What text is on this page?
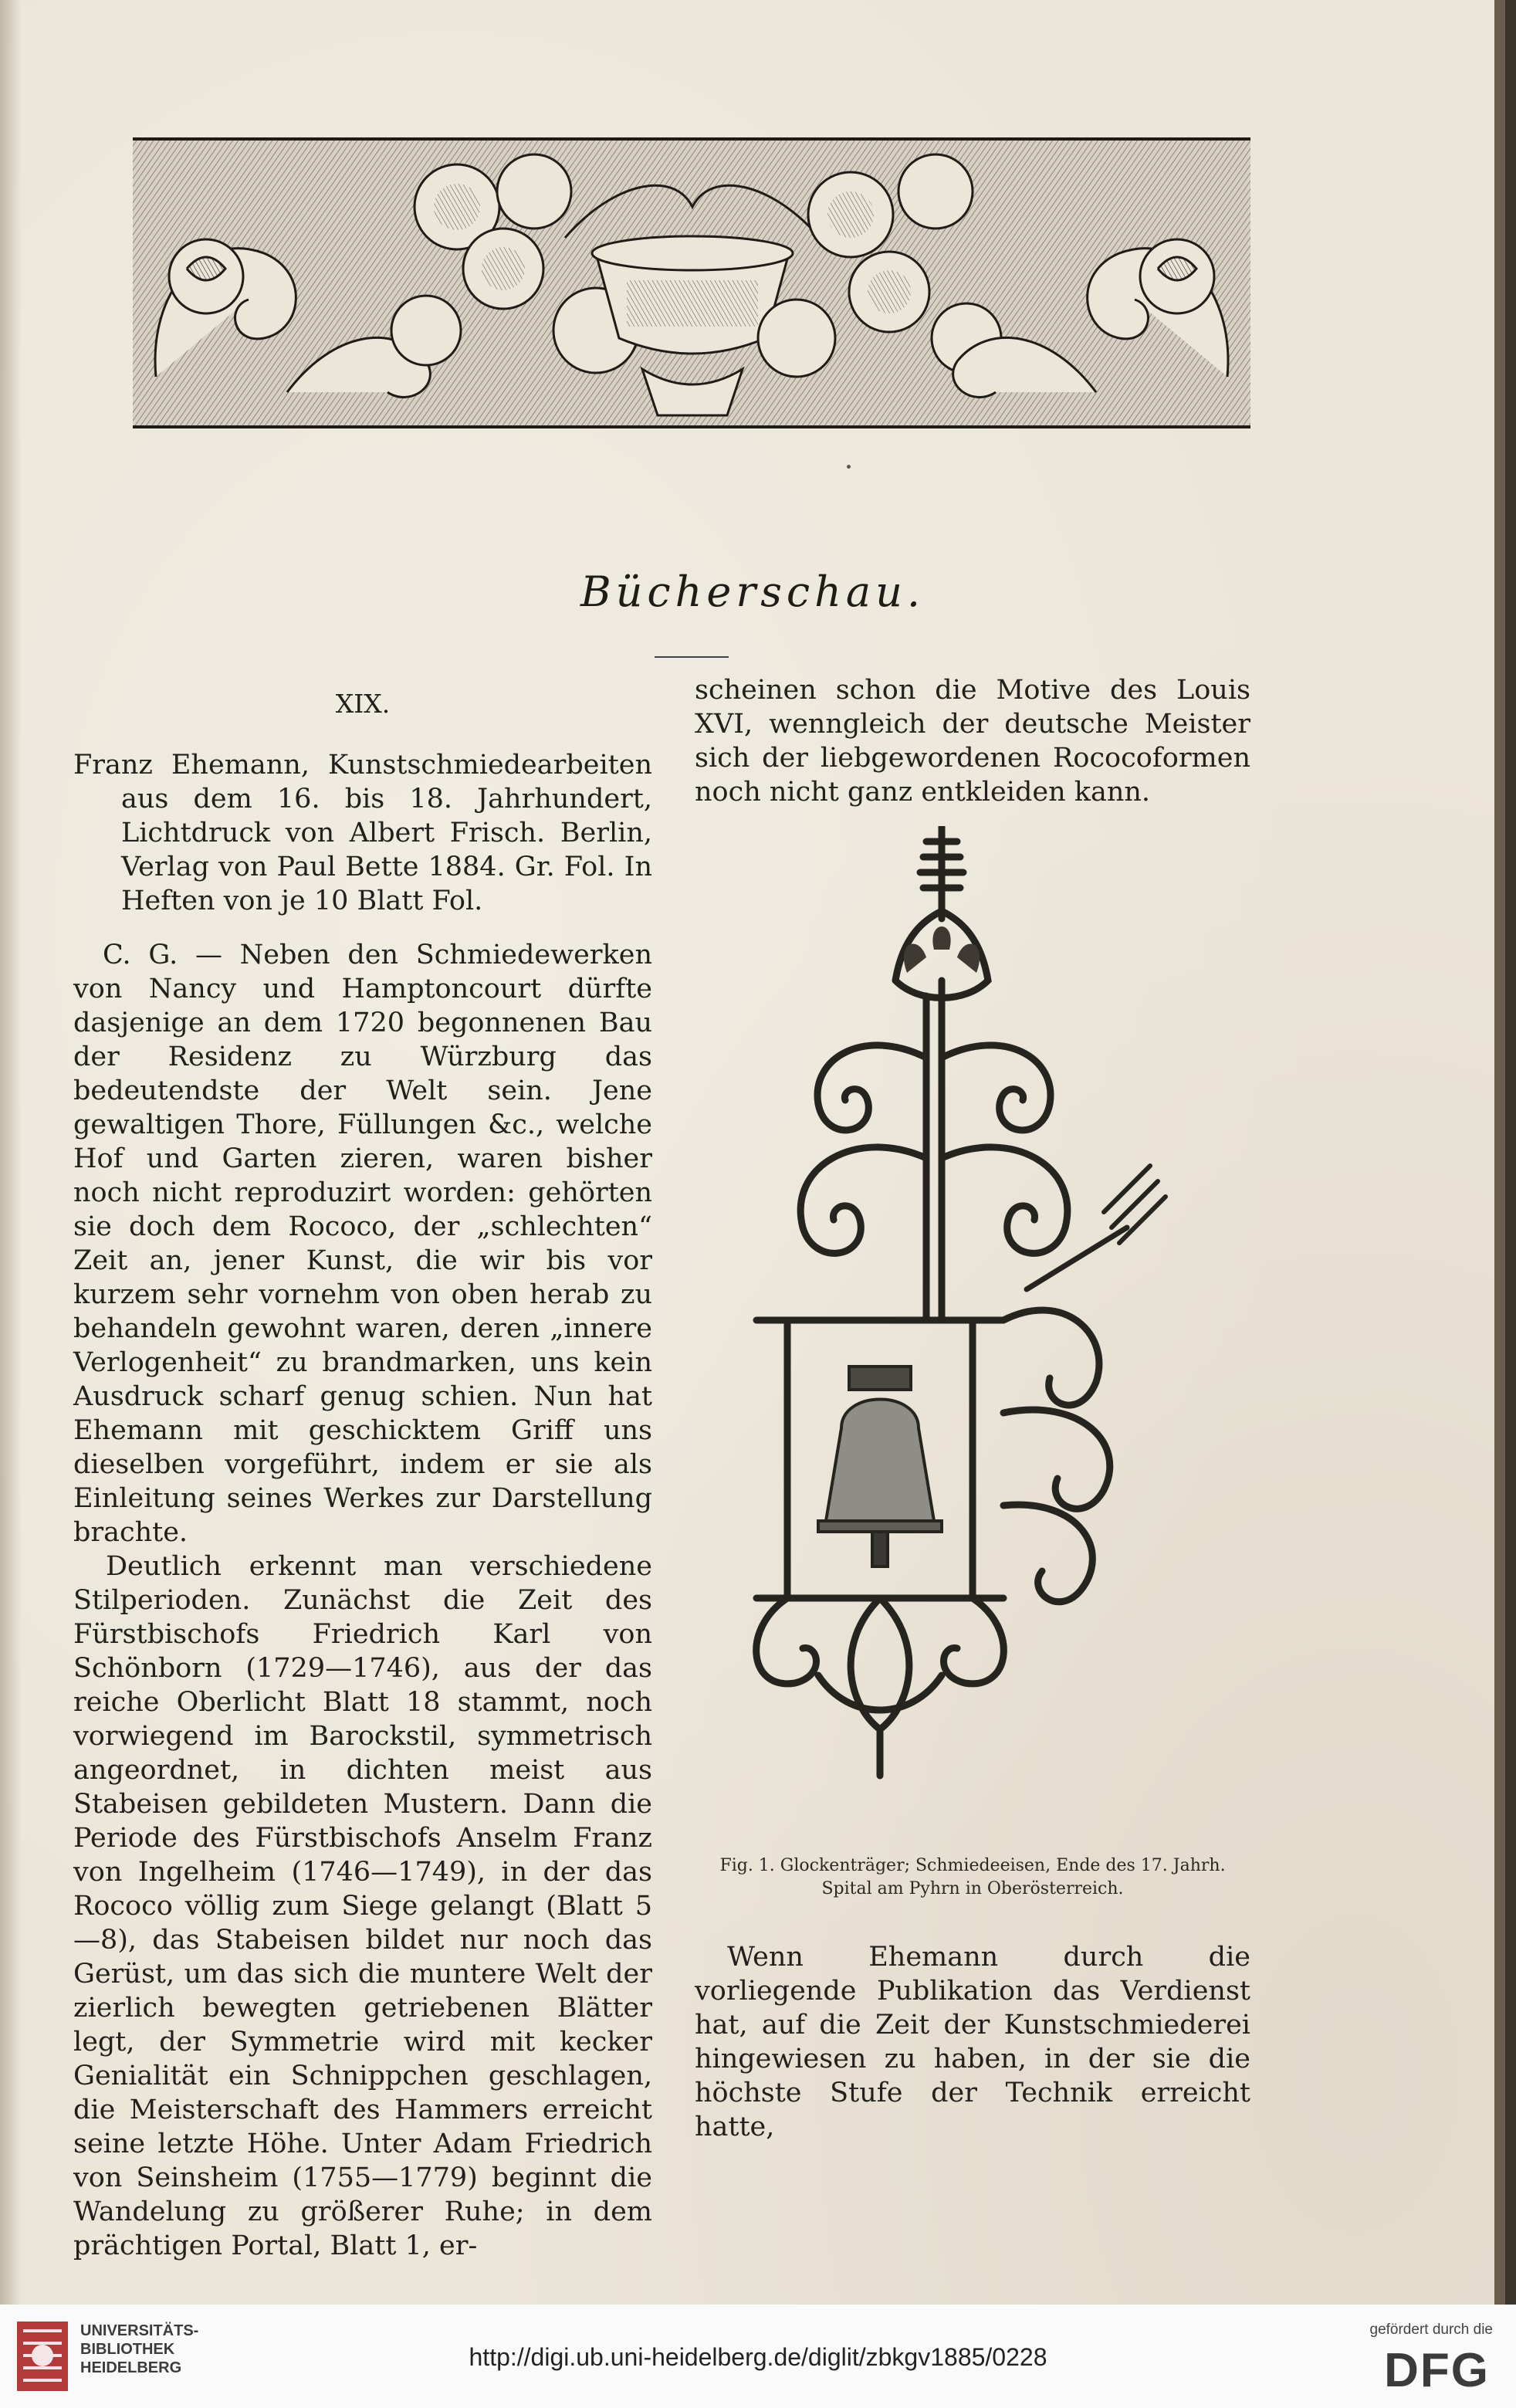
Bücherschau.
XIX.

Franz Ehemann, Kunstschmiedearbeiten aus dem 16. bis 18. Jahrhundert, Lichtdruck von Albert Frisch. Berlin, Verlag von Paul Bette 1884. Gr. Fol. In Heften von je 10 Blatt Fol.

C. G. — Neben den Schmiedewerken von Nancy und Hamptoncourt dürfte dasjenige an dem 1720 begonnenen Bau der Residenz zu Würzburg das bedeutendste der Welt sein. Jene gewaltigen Thore, Füllungen &c., welche Hof und Garten zieren, waren bisher noch nicht reproduzirt worden: gehörten sie doch dem Rococo, der „schlechten“ Zeit an, jener Kunst, die wir bis vor kurzem sehr vornehm von oben herab zu behandeln gewohnt waren, deren „innere Verlogenheit“ zu brandmarken, uns kein Ausdruck scharf genug schien. Nun hat Ehemann mit geschicktem Griff uns dieselben vorgeführt, indem er sie als Einleitung seines Werkes zur Darstellung brachte.

Deutlich erkennt man verschiedene Stilperioden. Zunächst die Zeit des Fürstbischofs Friedrich Karl von Schönborn (1729—1746), aus der das reiche Oberlicht Blatt 18 stammt, noch vorwiegend im Barockstil, symmetrisch angeordnet, in dichten meist aus Stabeisen gebildeten Mustern. Dann die Periode des Fürstbischofs Anselm Franz von Ingelheim (1746—1749), in der das Rococo völlig zum Siege gelangt (Blatt 5—8), das Stabeisen bildet nur noch das Gerüst, um das sich die muntere Welt der zierlich bewegten getriebenen Blätter legt, der Symmetrie wird mit kecker Genialität ein Schnippchen geschlagen, die Meisterschaft des Hammers erreicht seine letzte Höhe. Unter Adam Friedrich von Seinsheim (1755—1779) beginnt die Wandelung zu größerer Ruhe; in dem prächtigen Portal, Blatt 1, er-

scheinen schon die Motive des Louis XVI, wenngleich der deutsche Meister sich der liebgewordenen Rococoformen noch nicht ganz entkleiden kann.

Fig. 1. Glockenträger; Schmiedeeisen, Ende des 17. Jahrh.
Spital am Pyhrn in Oberösterreich.

Wenn Ehemann durch die vorliegende Publikation das Verdienst hat, auf die Zeit der Kunstschmiederei hingewiesen zu haben, in der sie die höchste Stufe der Technik erreicht hatte,

UNIVERSITÄTS-
BIBLIOTHEK
HEIDELBERG	http://digi.ub.uni-heidelberg.de/diglit/zbkgv1885/0228
gefördert durch die
DFG
